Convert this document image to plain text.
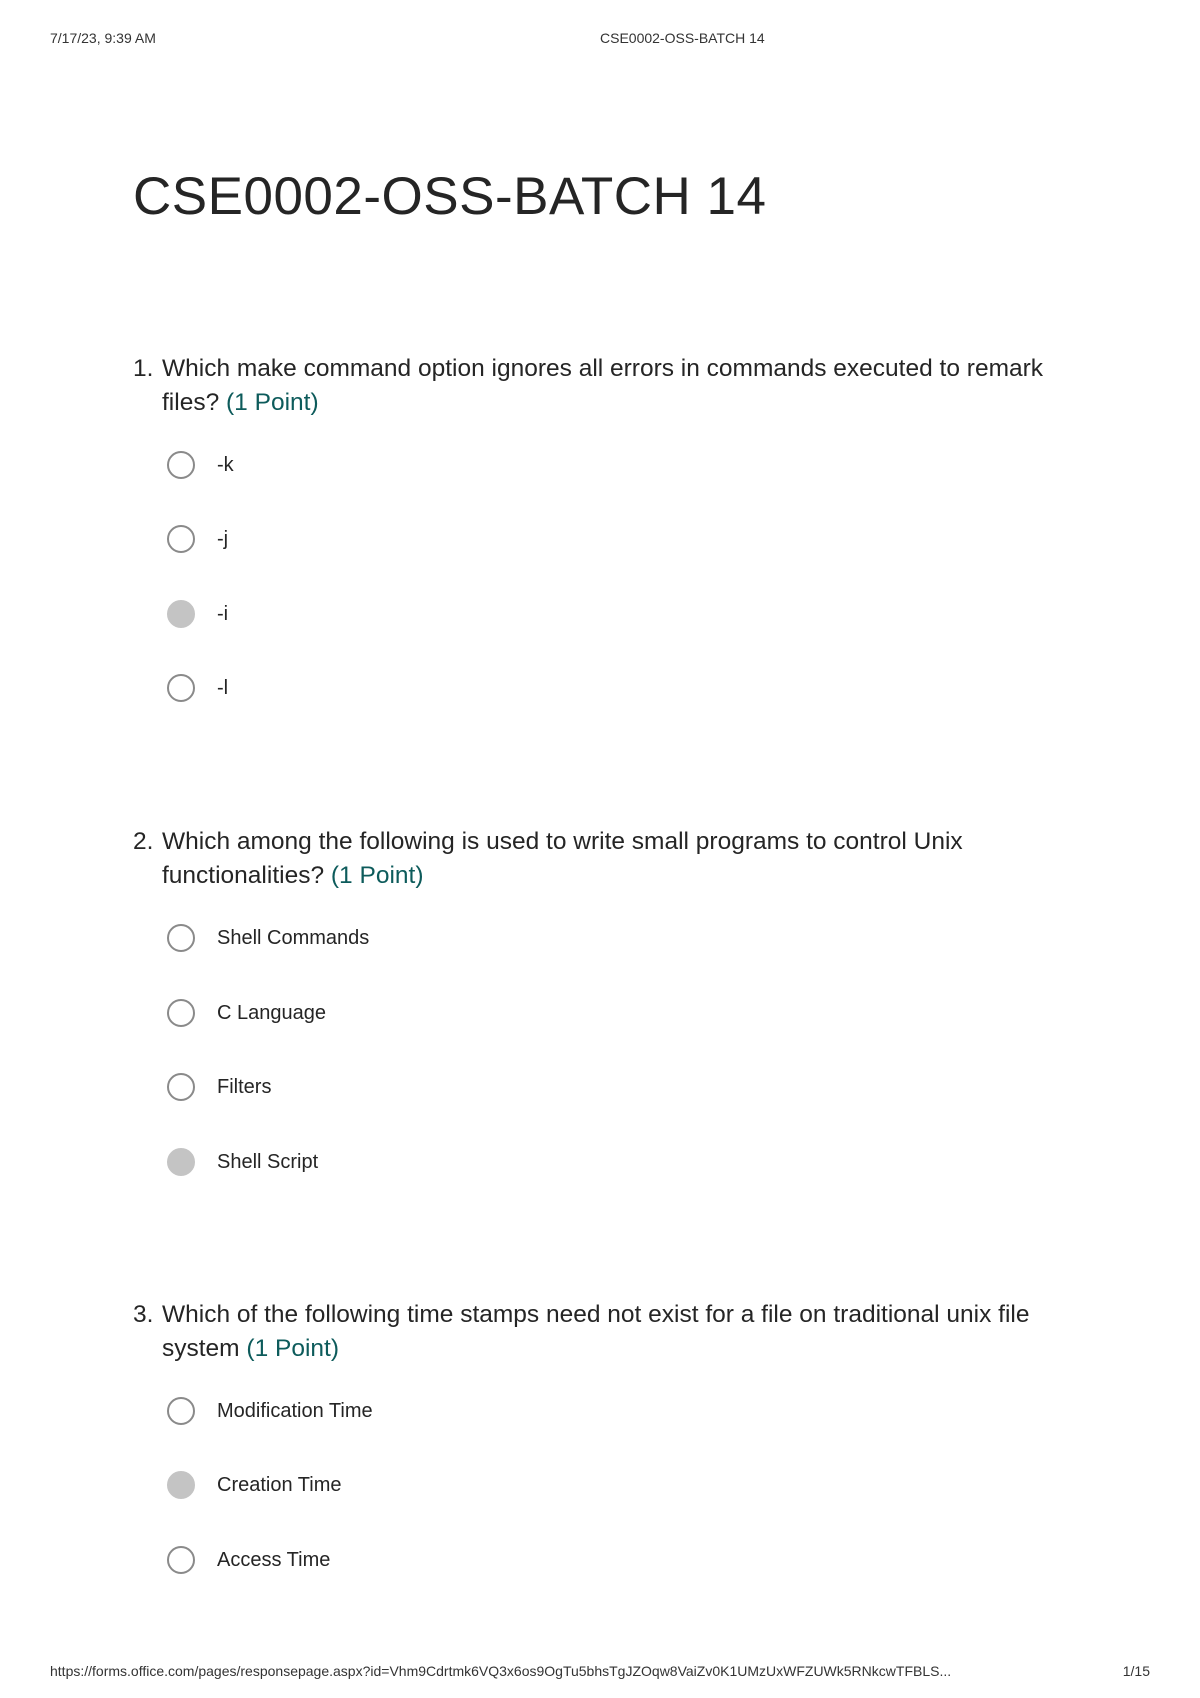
7/17/23, 9:39 AM	CSE0002-OSS-BATCH 14
CSE0002-OSS-BATCH 14

1. Which make command option ignores all errors in commands executed to remark files? (1 Point)

-k
-j
-i
-l

2. Which among the following is used to write small programs to control Unix functionalities? (1 Point)

Shell Commands
C Language
Filters
Shell Script

3. Which of the following time stamps need not exist for a file on traditional unix file system (1 Point)

Modification Time
Creation Time
Access Time
https://forms.office.com/pages/responsepage.aspx?id=Vhm9Cdrtmk6VQ3x6os9OgTu5bhsTgJZOqw8VaiZv0K1UMzUxWFZUWk5RNkcwTFBLS...	1/15
